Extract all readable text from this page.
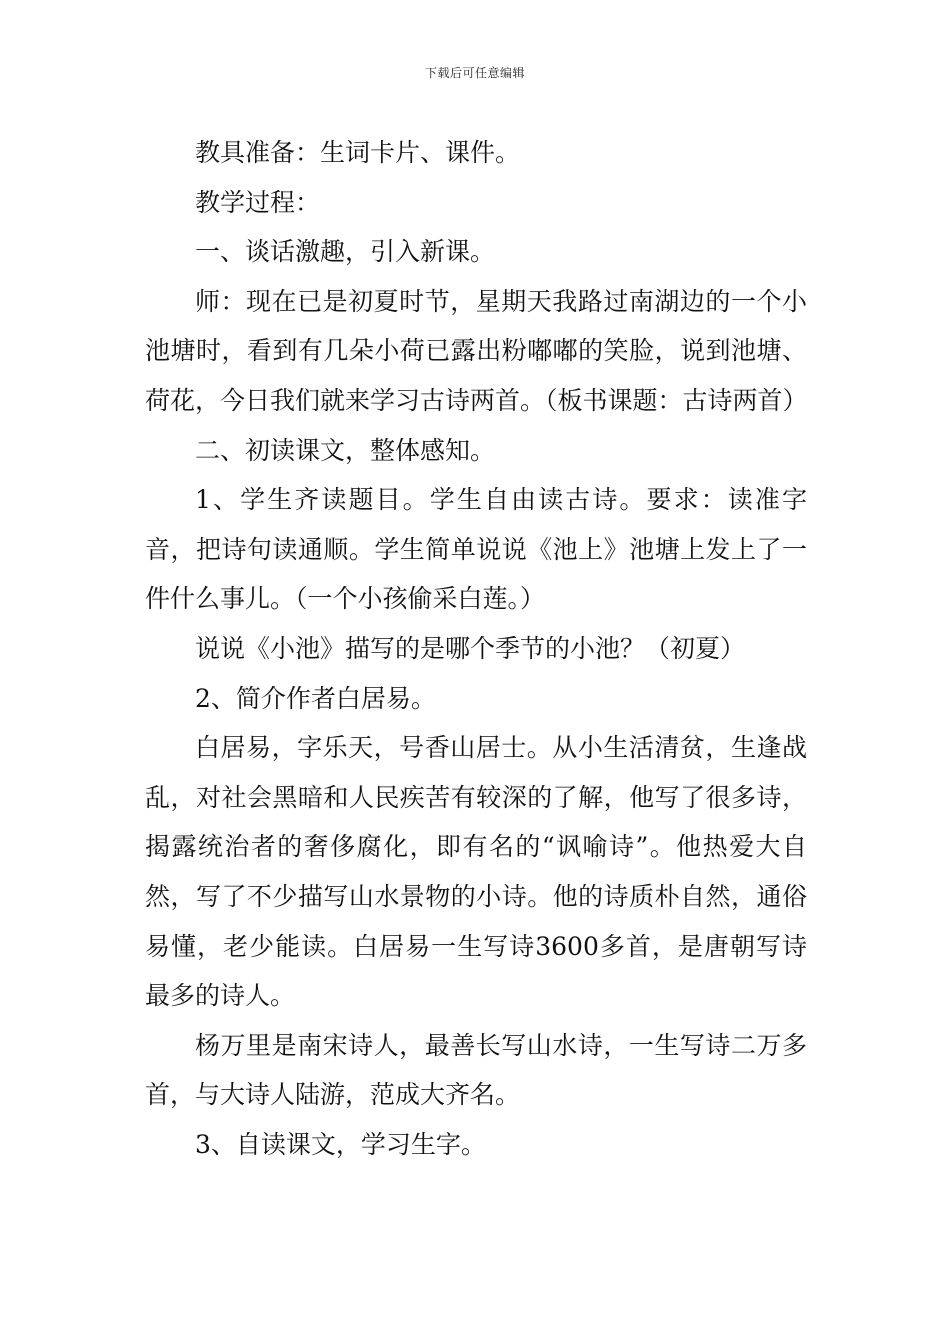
下载后可任意编辑

教具准备：生词卡片、课件。

教学过程：

一、谈话激趣，引入新课。

师：现在已是初夏时节，星期天我路过南湖边的一个小池塘时，看到有几朵小荷已露出粉嘟嘟的笑脸，说到池塘、荷花，今日我们就来学习古诗两首。（板书课题：古诗两首）

二、初读课文，整体感知。

1、学生齐读题目。学生自由读古诗。要求：读准字音，把诗句读通顺。学生简单说说《池上》池塘上发上了一件什么事儿。（一个小孩偷采白莲。）

说说《小池》描写的是哪个季节的小池？（初夏）

2、简介作者白居易。

白居易，字乐天，号香山居士。从小生活清贫，生逢战乱，对社会黑暗和人民疾苦有较深的了解，他写了很多诗，揭露统治者的奢侈腐化，即有名的“讽喻诗”。他热爱大自然，写了不少描写山水景物的小诗。他的诗质朴自然，通俗易懂，老少能读。白居易一生写诗3600多首，是唐朝写诗最多的诗人。

杨万里是南宋诗人，最善长写山水诗，一生写诗二万多首，与大诗人陆游，范成大齐名。

3、自读课文，学习生字。
